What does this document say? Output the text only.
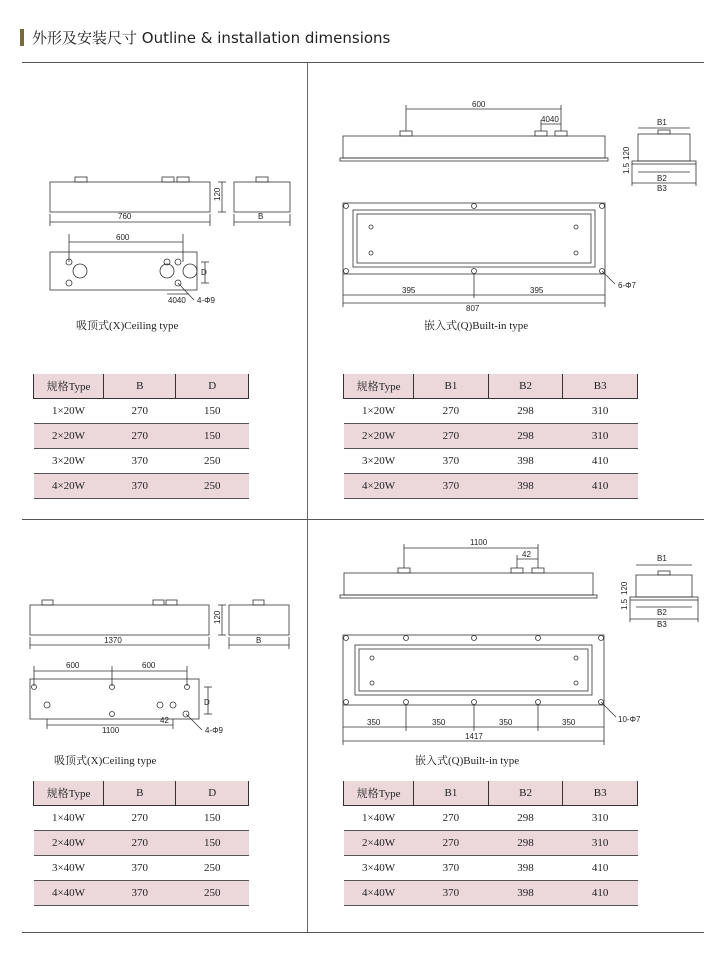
外形及安装尺寸 Outline & installation dimensions
760
120
B
600
D
4040 4-Φ9
吸顶式(X)Ceiling type
600
4040
120
1.5
B1
B2
B3
395	395
807
6-Φ7
嵌入式(Q)Built-in type
规格Type	B	D
1×20W	270	150
2×20W	270	150
3×20W	370	250
4×20W	370	250
规格Type	B1	B2	B3
1×20W	270	298	310
2×20W	270	298	310
3×20W	370	398	410
4×20W	370	398	410
1370
120
B
600	600
D
1100
42
4-Φ9
吸顶式(X)Ceiling type
1100
42
120
1.5
B1
B2
B3
350	350	350	350
1417
10-Φ7
嵌入式(Q)Built-in type
规格Type	B	D
1×40W	270	150
2×40W	270	150
3×40W	370	250
4×40W	370	250
规格Type	B1	B2	B3
1×40W	270	298	310
2×40W	270	298	310
3×40W	370	398	410
4×40W	370	398	410
